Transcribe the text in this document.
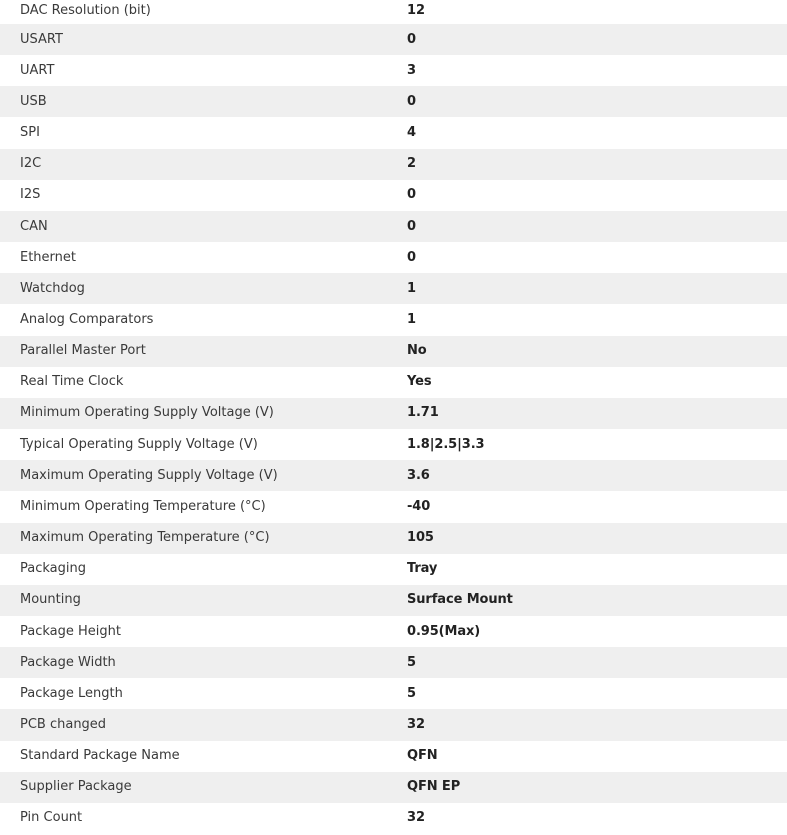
DAC Resolution (bit)	12
USART	0
UART	3
USB	0
SPI	4
I2C	2
I2S	0
CAN	0
Ethernet	0
Watchdog	1
Analog Comparators	1
Parallel Master Port	No
Real Time Clock	Yes
Minimum Operating Supply Voltage (V)	1.71
Typical Operating Supply Voltage (V)	1.8|2.5|3.3
Maximum Operating Supply Voltage (V)	3.6
Minimum Operating Temperature (°C)	-40
Maximum Operating Temperature (°C)	105
Packaging	Tray
Mounting	Surface Mount
Package Height	0.95(Max)
Package Width	5
Package Length	5
PCB changed	32
Standard Package Name	QFN
Supplier Package	QFN EP
Pin Count	32
